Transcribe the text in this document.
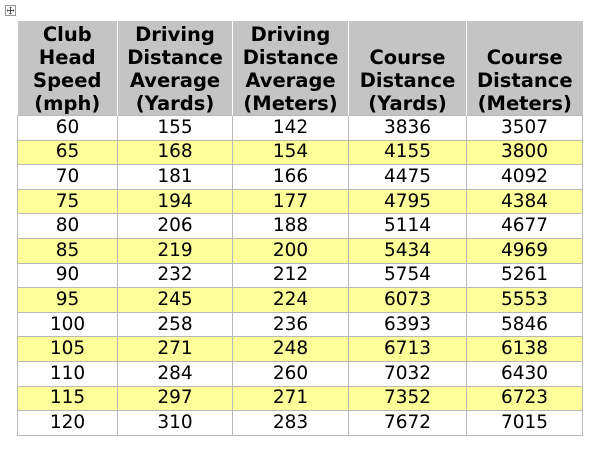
Club
Head
Speed
(mph)	Driving
Distance
Average
(Yards)	Driving
Distance
Average
(Meters)	Course
Distance
(Yards)	Course
Distance
(Meters)

60	155	142	3836	3507
65	168	154	4155	3800
70	181	166	4475	4092
75	194	177	4795	4384
80	206	188	5114	4677
85	219	200	5434	4969
90	232	212	5754	5261
95	245	224	6073	5553
100	258	236	6393	5846
105	271	248	6713	6138
110	284	260	7032	6430
115	297	271	7352	6723
120	310	283	7672	7015
